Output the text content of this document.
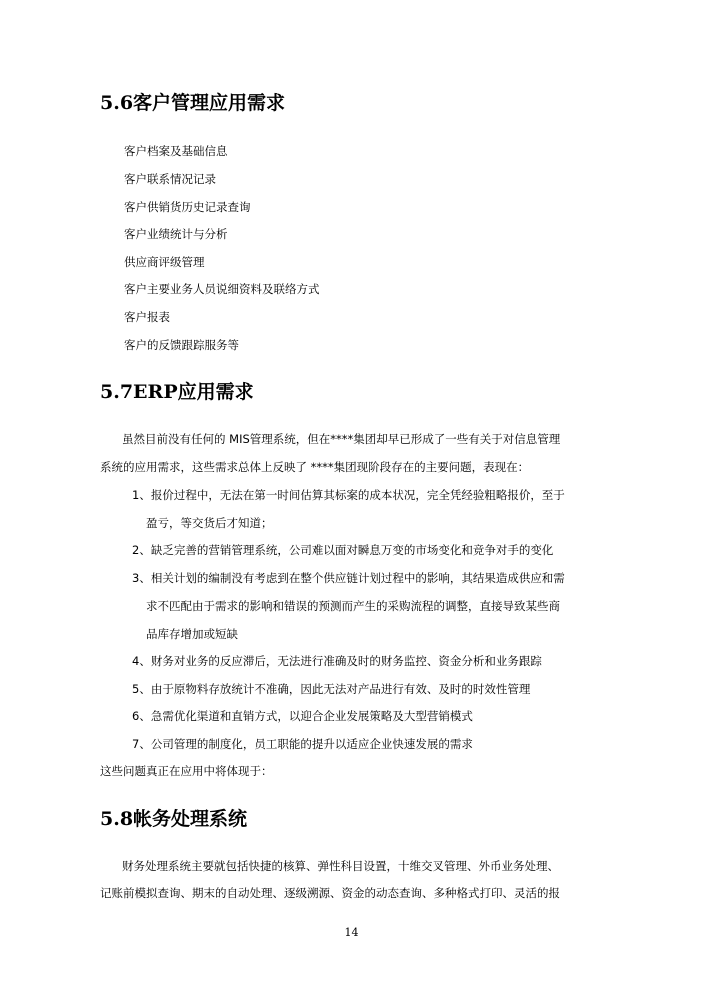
5.6客户管理应用需求
客户档案及基础信息
客户联系情况记录
客户供销货历史记录查询
客户业绩统计与分析
供应商评级管理
客户主要业务人员说细资料及联络方式
客户报表
客户的反馈跟踪服务等
5.7ERP应用需求
虽然目前没有任何的 MIS管理系统，但在****集团却早已形成了一些有关于对信息管理
系统的应用需求，这些需求总体上反映了 ****集团现阶段存在的主要问题，表现在：
1、报价过程中，无法在第一时间估算其标案的成本状况，完全凭经验粗略报价，至于
盈亏，等交货后才知道；
2、缺乏完善的营销管理系统，公司难以面对瞬息万变的市场变化和竞争对手的变化
3、相关计划的编制没有考虑到在整个供应链计划过程中的影响，其结果造成供应和需
求不匹配由于需求的影响和错误的预测而产生的采购流程的调整，直接导致某些商
品库存增加或短缺
4、财务对业务的反应滞后，无法进行准确及时的财务监控、资金分析和业务跟踪
5、由于原物料存放统计不准确，因此无法对产品进行有效、及时的时效性管理
6、急需优化渠道和直销方式，以迎合企业发展策略及大型营销模式
7、公司管理的制度化，员工职能的提升以适应企业快速发展的需求
这些问题真正在应用中将体现于：
5.8帐务处理系统
财务处理系统主要就包括快捷的核算、弹性科目设置，十维交叉管理、外币业务处理、
记账前模拟查询、期末的自动处理、逐级溯源、资金的动态查询、多种格式打印、灵活的报
14
